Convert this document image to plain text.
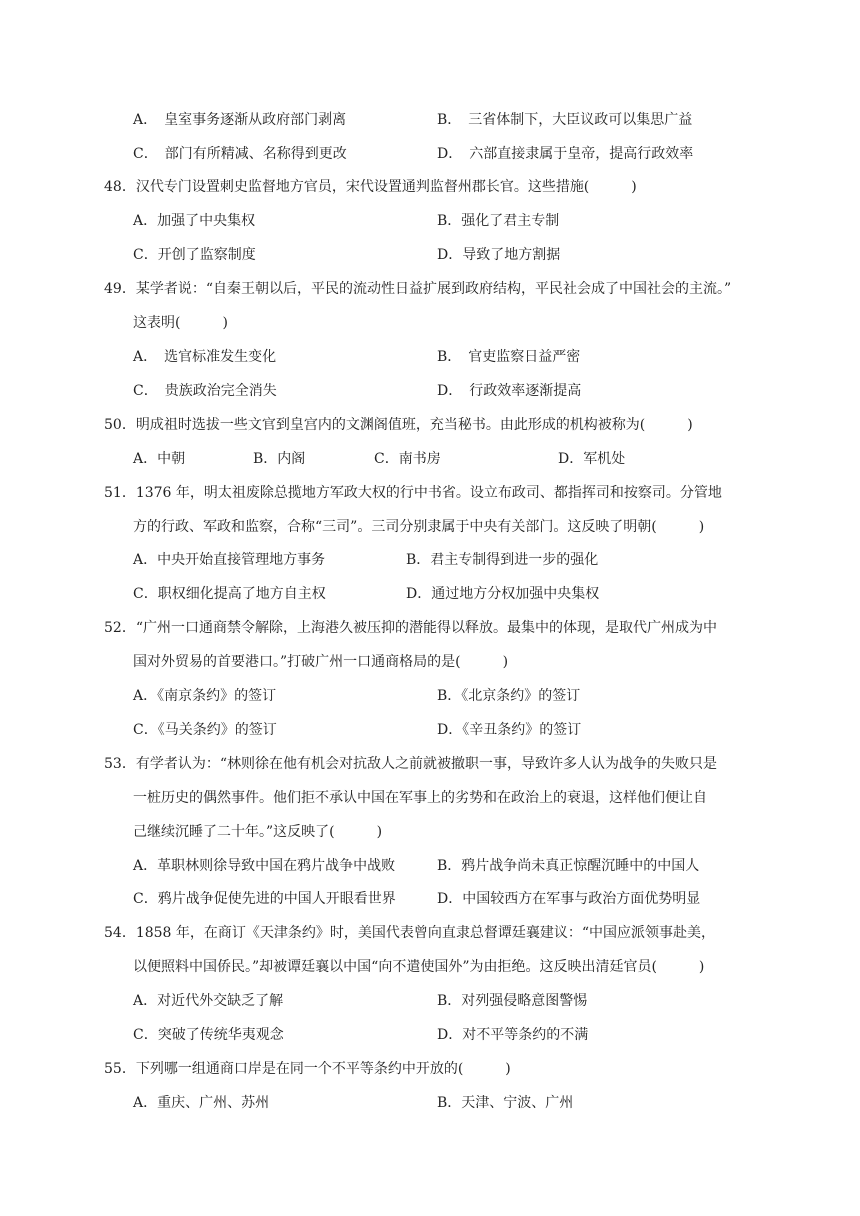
A．　皇室事务逐渐从政府部门剥离	B．　三省体制下，大臣议政可以集思广益
C．　部门有所精减、名称得到更改	D．　六部直接隶属于皇帝，提高行政效率
48．汉代专门设置刺史监督地方官员，宋代设置通判监督州郡长官。这些措施(　　　)
A．加强了中央集权	B．强化了君主专制
C．开创了监察制度	D．导致了地方割据
49．某学者说：“自秦王朝以后，平民的流动性日益扩展到政府结构，平民社会成了中国社会的主流。”
这表明(　　　)
A．　选官标准发生变化	B．　官吏监察日益严密
C．　贵族政治完全消失	D．　行政效率逐渐提高
50．明成祖时选拔一些文官到皇宫内的文渊阁值班，充当秘书。由此形成的机构被称为(　　　)
A．中朝	B．内阁	C．南书房	D．军机处
51．1376 年，明太祖废除总揽地方军政大权的行中书省。设立布政司、都指挥司和按察司。分管地
方的行政、军政和监察，合称“三司”。三司分别隶属于中央有关部门。这反映了明朝(　　　)
A．中央开始直接管理地方事务	B．君主专制得到进一步的强化
C．职权细化提高了地方自主权	D．通过地方分权加强中央集权
52．“广州一口通商禁令解除，上海港久被压抑的潜能得以释放。最集中的体现，是取代广州成为中
国对外贸易的首要港口。”打破广州一口通商格局的是(　　　)
A．《南京条约》的签订	B．《北京条约》的签订
C．《马关条约》的签订	D．《辛丑条约》的签订
53．有学者认为：“林则徐在他有机会对抗敌人之前就被撤职一事，导致许多人认为战争的失败只是
一桩历史的偶然事件。他们拒不承认中国在军事上的劣势和在政治上的衰退，这样他们便让自
己继续沉睡了二十年。”这反映了(　　　)
A．革职林则徐导致中国在鸦片战争中战败	B．鸦片战争尚未真正惊醒沉睡中的中国人
C．鸦片战争促使先进的中国人开眼看世界	D．中国较西方在军事与政治方面优势明显
54．1858 年，在商订《天津条约》时，美国代表曾向直隶总督谭廷襄建议：“中国应派领事赴美，
以便照料中国侨民。”却被谭廷襄以中国“向不遣使国外”为由拒绝。这反映出清廷官员(　　　)
A．对近代外交缺乏了解	B．对列强侵略意图警惕
C．突破了传统华夷观念	D．对不平等条约的不满
55．下列哪一组通商口岸是在同一个不平等条约中开放的(　　　)
A．重庆、广州、苏州	B．天津、宁波、广州
